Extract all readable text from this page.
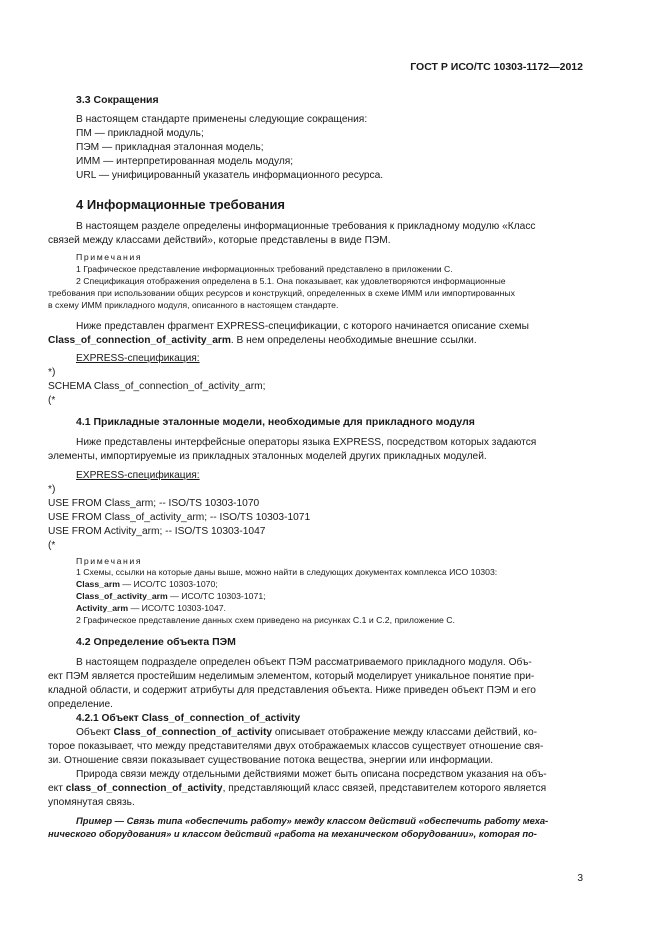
ГОСТ Р ИСО/ТС 10303-1172—2012
3.3 Сокращения
В настоящем стандарте применены следующие сокращения:
ПМ — прикладной модуль;
ПЭМ — прикладная эталонная модель;
ИММ — интерпретированная модель модуля;
URL — унифицированный указатель информационного ресурса.
4 Информационные требования
В настоящем разделе определены информационные требования к прикладному модулю «Класс
связей между классами действий», которые представлены в виде ПЭМ.
Примечания
1 Графическое представление информационных требований представлено в приложении С.
2 Спецификация отображения определена в 5.1. Она показывает, как удовлетворяются информационные
требования при использовании общих ресурсов и конструкций, определенных в схеме ИММ или импортированных
в схему ИММ прикладного модуля, описанного в настоящем стандарте.
Ниже представлен фрагмент EXPRESS-спецификации, с которого начинается описание схемы
Class_of_connection_of_activity_arm. В нем определены необходимые внешние ссылки.
EXPRESS-спецификация:
*)
SCHEMA Class_of_connection_of_activity_arm;
(*
4.1 Прикладные эталонные модели, необходимые для прикладного модуля
Ниже представлены интерфейсные операторы языка EXPRESS, посредством которых задаются
элементы, импортируемые из прикладных эталонных моделей других прикладных модулей.
EXPRESS-спецификация:
*)
USE FROM Class_arm; -- ISO/TS 10303-1070
USE FROM Class_of_activity_arm; -- ISO/TS 10303-1071
USE FROM Activity_arm; -- ISO/TS 10303-1047
(*
Примечания
1 Схемы, ссылки на которые даны выше, можно найти в следующих документах комплекса ИСО 10303:
Class_arm — ИСО/ТС 10303-1070;
Class_of_activity_arm — ИСО/ТС 10303-1071;
Activity_arm — ИСО/ТС 10303-1047.
2 Графическое представление данных схем приведено на рисунках С.1 и С.2, приложение С.
4.2 Определение объекта ПЭМ
В настоящем подразделе определен объект ПЭМ рассматриваемого прикладного модуля. Объ-
ект ПЭМ является простейшим неделимым элементом, который моделирует уникальное понятие при-
кладной области, и содержит атрибуты для представления объекта. Ниже приведен объект ПЭМ и его
определение.
4.2.1 Объект Class_of_connection_of_activity
Объект Class_of_connection_of_activity описывает отображение между классами действий, ко-
торое показывает, что между представителями двух отображаемых классов существует отношение свя-
зи. Отношение связи показывает существование потока вещества, энергии или информации.
Природа связи между отдельными действиями может быть описана посредством указания на объ-
ект class_of_connection_of_activity, представляющий класс связей, представителем которого является
упомянутая связь.
Пример — Связь типа «обеспечить работу» между классом действий «обеспечить работу меха-
нического оборудования» и классом действий «работа на механическом оборудовании», которая по-
3
